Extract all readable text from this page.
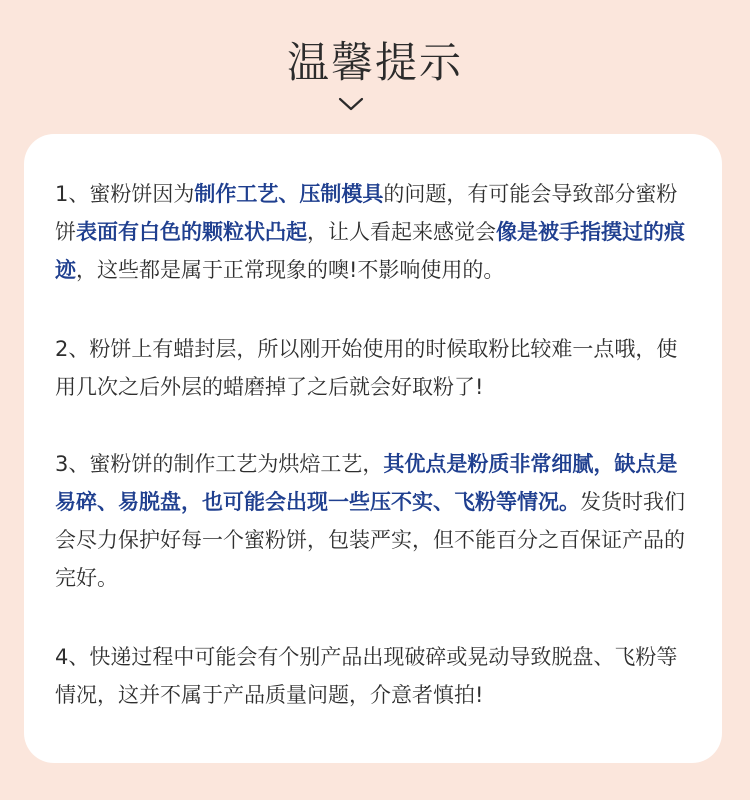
温馨提示

1、蜜粉饼因为制作工艺、压制模具的问题，有可能会导致部分蜜粉饼表面有白色的颗粒状凸起，让人看起来感觉会像是被手指摸过的痕迹，这些都是属于正常现象的噢!不影响使用的。

2、粉饼上有蜡封层，所以刚开始使用的时候取粉比较难一点哦，使用几次之后外层的蜡磨掉了之后就会好取粉了!

3、蜜粉饼的制作工艺为烘焙工艺，其优点是粉质非常细腻，缺点是易碎、易脱盘，也可能会出现一些压不实、飞粉等情况。发货时我们会尽力保护好每一个蜜粉饼，包装严实，但不能百分之百保证产品的完好。

4、快递过程中可能会有个别产品出现破碎或晃动导致脱盘、飞粉等情况，这并不属于产品质量问题，介意者慎拍!
